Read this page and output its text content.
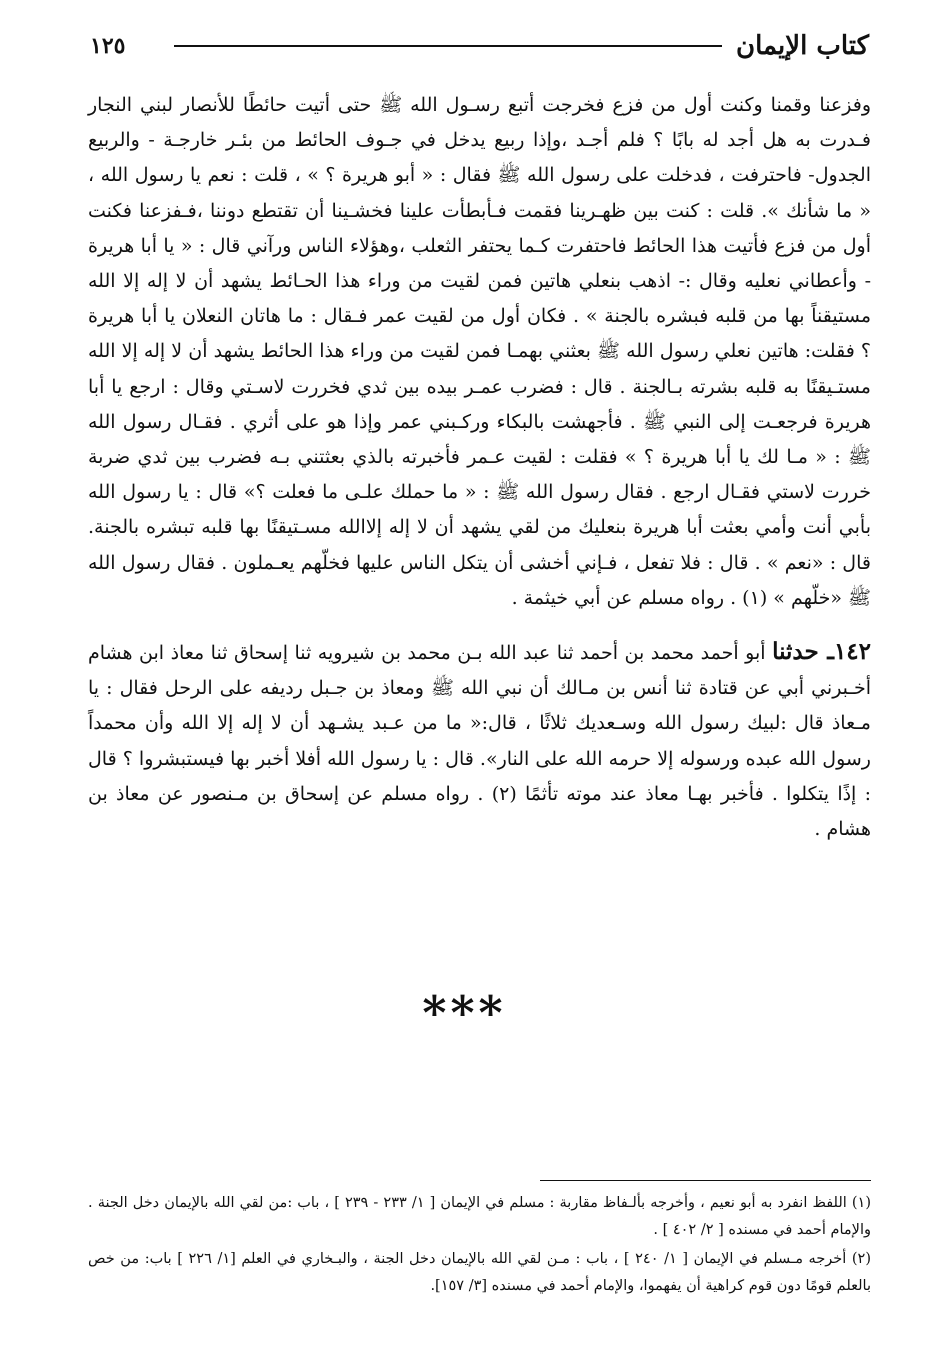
١٢٥	كتاب الإيمان

وفزعنا وقمنا وكنت أول من فزع فخرجت أتبع رسـول الله ﷺ حتى أتيت حائطًا للأنصار لبني النجار فـدرت به هل أجد له بابًا ؟ فلم أجـد ،وإذا ربيع يدخل في جـوف الحائط من بئـر خارجـة - والربيع الجدول- فاحترفت ، فدخلت على رسول الله ﷺ فقال : « أبو هريرة ؟ » ، قلت : نعم يا رسول الله ، « ما شأنك ». قلت : كنت بين ظهـرينا فقمت فـأبطأت علينا فخشـينا أن تقتطع دوننا ،فـفزعنا فكنت أول من فزع فأتيت هذا الحائط فاحتفرت كـما يحتفر الثعلب ،وهؤلاء الناس ورآني قال : « يا أبا هريرة - وأعطاني نعليه وقال :- اذهب بنعلي هاتين فمن لقيت من وراء هذا الحـائط يشهد أن لا إله إلا الله مستيقناً بها من قلبه فبشره بالجنة » . فكان أول من لقيت عمر فـقال : ما هاتان النعلان يا أبا هريرة ؟ فقلت: هاتين نعلي رسول الله ﷺ بعثني بهمـا فمن لقيت من وراء هذا الحائط يشهد أن لا إله إلا الله مستـيقنًا به قلبه بشرته بـالجنة . قال : فضرب عمـر بيده بين ثدي فخررت لاسـتي وقال : ارجع يا أبا هريرة فرجعـت إلى النبي ﷺ . فأجهشت بالبكاء وركـبني عمر وإذا هو على أثري . فقـال رسول الله ﷺ : « مـا لك يا أبا هريرة ؟ » فقلت : لقيت عـمر فأخبرته بالذي بعثتني بـه فضرب بين ثدي ضربة خررت لاستي فقـال ارجع . فقال رسول الله ﷺ : « ما حملك علـى ما فعلت ؟» قال : يا رسول الله بأبي أنت وأمي بعثت أبا هريرة بنعليك من لقي يشهد أن لا إله إلاالله مسـتيقنًا بها قلبه تبشره بالجنة. قال : «نعم » . قال : فلا تفعل ، فـإني أخشى أن يتكل الناس عليها فخلّهم يعـملون . فقال رسول الله ﷺ «خلّهم » (١) . رواه مسلم عن أبي خيثمة .

١٤٢ـ حدثنا أبو أحمد محمد بن أحمد ثنا عبد الله بـن محمد بن شيرويه ثنا إسحاق ثنا معاذ ابن هشام أخـبرني أبي عن قتادة ثنا أنس بن مـالك أن نبي الله ﷺ ومعاذ بن جـبل رديفه على الرحل فقال : يا مـعاذ قال :لبيك رسول الله وسـعديك ثلاثًا ، قال:« ما من عـبد يشـهد أن لا إله إلا الله وأن محمداً رسول الله عبده ورسوله إلا حرمه الله على النار». قال : يا رسول الله أفلا أخبر بها فيستبشروا ؟ قال : إذًا يتكلوا . فأخبر بهـا معاذ عند موته تأثمًا (٢) . رواه مسلم عن إسحاق بن مـنصور عن معاذ بن هشام .

***

(١) اللفظ انفرد به أبو نعيم ، وأخرجه بألـفاظ مقاربة : مسلم في الإيمان [ ١/ ٢٣٣ - ٢٣٩ ] ، باب :من لقي الله بالإيمان دخل الجنة . والإمام أحمد في مسنده [ ٢/ ٤٠٢ ] .

(٢) أخرجه مـسلم في الإيمان [ ١/ ٢٤٠ ] ، باب : مـن لقي الله بالإيمان دخل الجنة ، والبـخاري في العلم [١/ ٢٢٦ ] باب: من خص بالعلم قومًا دون قوم كراهية أن يفهموا، والإمام أحمد في مسنده [٣/ ١٥٧].
